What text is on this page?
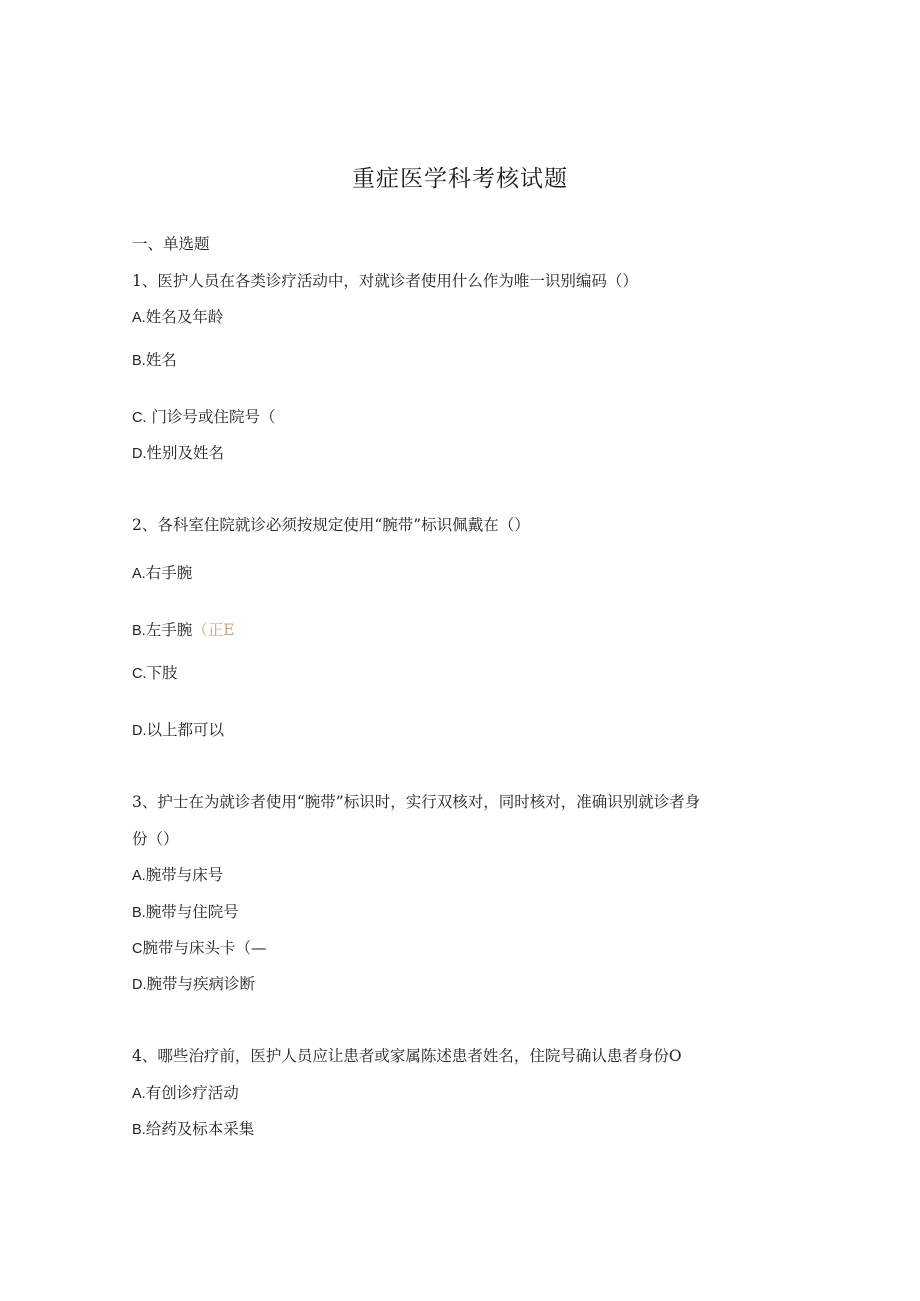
重症医学科考核试题
一、单选题
1、医护人员在各类诊疗活动中，对就诊者使用什么作为唯一识别编码（）
A.姓名及年龄
B.姓名
C. 门诊号或住院号（
D.性别及姓名
2、各科室住院就诊必须按规定使用“腕带”标识佩戴在（）
A.右手腕
B.左手腕（正E
C.下肢
D.以上都可以
3、护士在为就诊者使用“腕带”标识时，实行双核对，同时核对，准确识别就诊者身
份（）
A.腕带与床号
B.腕带与住院号
C腕带与床头卡（—
D.腕带与疾病诊断
4、哪些治疗前，医护人员应让患者或家属陈述患者姓名，住院号确认患者身份O
A.有创诊疗活动
B.给药及标本采集
